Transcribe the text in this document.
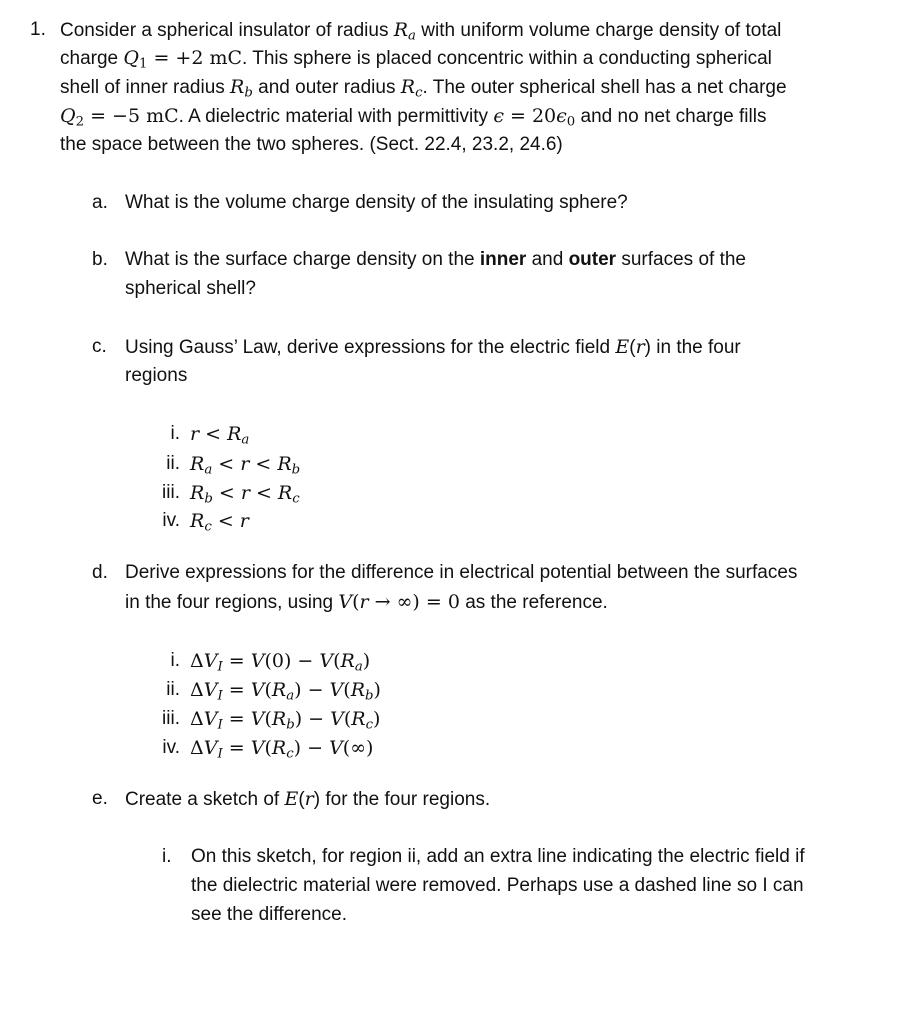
1. Consider a spherical insulator of radius $R_a$ with uniform volume charge density of total
charge $Q_1 = +2$ mC. This sphere is placed concentric within a conducting spherical
shell of inner radius $R_b$ and outer radius $R_c$. The outer spherical shell has a net charge
$Q_2 = -5$ mC. A dielectric material with permittivity $\epsilon = 20\epsilon_0$ and no net charge fills
the space between the two spheres. (Sect. 22.4, 23.2, 24.6)
a. What is the volume charge density of the insulating sphere?
b. What is the surface charge density on the inner and outer surfaces of the
spherical shell?
c. Using Gauss’ Law, derive expressions for the electric field E(r) in the four
regions
i. $r < R_a$
ii. $R_a < r < R_b$
iii. $R_b < r < R_c$
iv. $R_c < r$
d. Derive expressions for the difference in electrical potential between the surfaces
in the four regions, using V(r → ∞) = 0 as the reference.
i. $\Delta V_I = V(0) - V(R_a)$
ii. $\Delta V_I = V(R_a) - V(R_b)$
iii. $\Delta V_I = V(R_b) - V(R_c)$
iv. $\Delta V_I = V(R_c) - V(\infty)$
e. Create a sketch of E(r) for the four regions.
i. On this sketch, for region ii, add an extra line indicating the electric field if
the dielectric material were removed. Perhaps use a dashed line so I can
see the difference.
